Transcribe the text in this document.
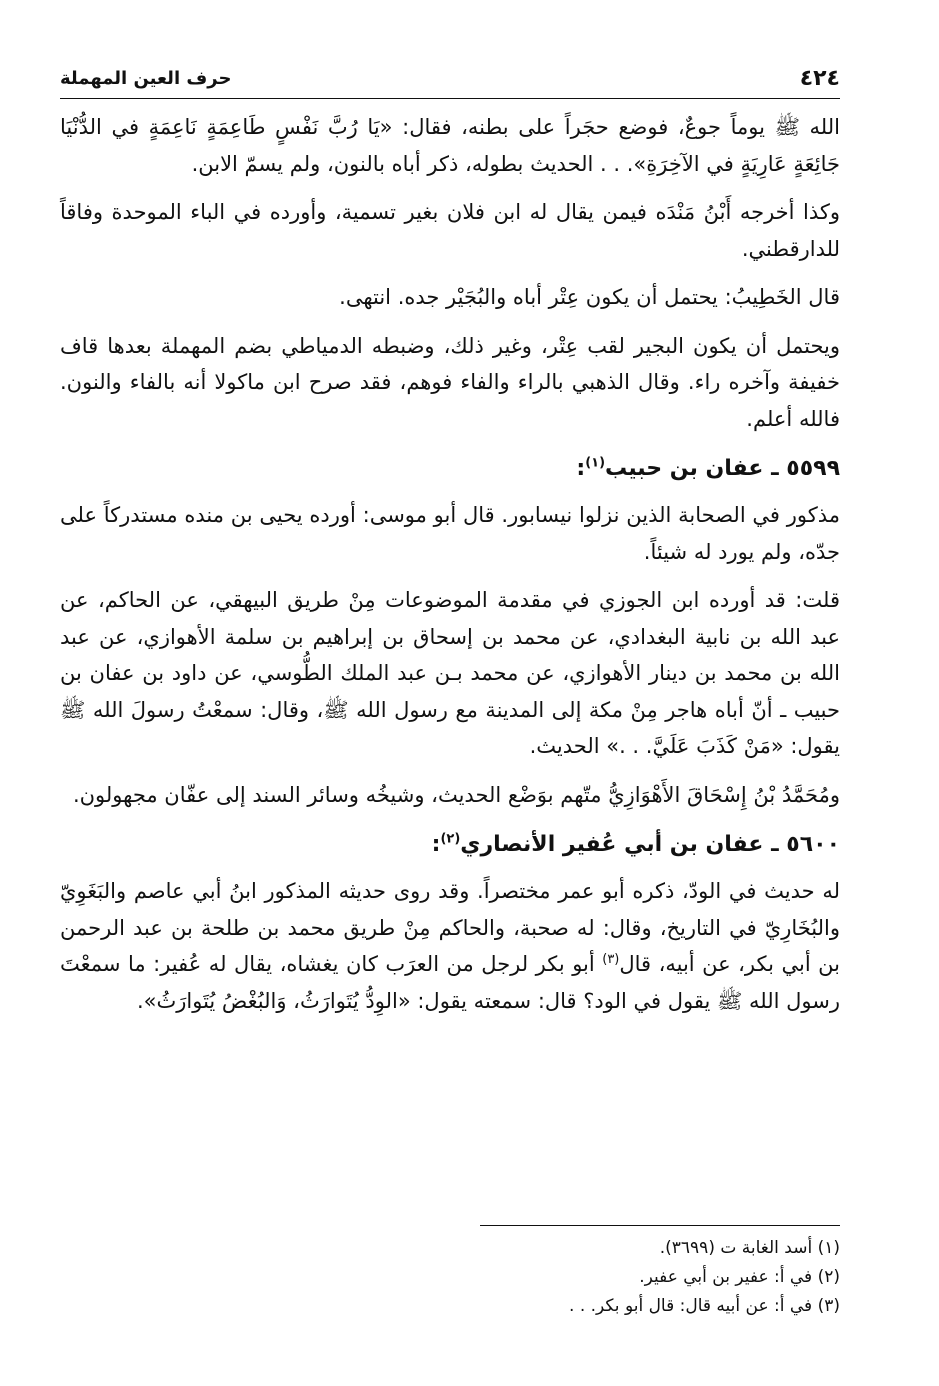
٤٢٤
حرف العين المهملة

الله ﷺ يوماً جوعٌ، فوضع حجَراً على بطنه، فقال: «يَا رُبَّ نَفْسٍ طَاعِمَةٍ نَاعِمَةٍ في الدُّنْيَا جَائِعَةٍ عَارِيَةٍ في الآخِرَةِ». . . الحديث بطوله، ذكر أباه بالنون، ولم يسمّ الابن.

وكذا أخرجه أَبْنُ مَنْدَه فيمن يقال له ابن فلان بغير تسمية، وأورده في الباء الموحدة وفاقاً للدارقطني.

قال الخَطِيبُ: يحتمل أن يكون عِتْر أباه والبُجَيْر جده. انتهى.

ويحتمل أن يكون البجير لقب عِتْر، وغير ذلك، وضبطه الدمياطي بضم المهملة بعدها قاف خفيفة وآخره راء. وقال الذهبي بالراء والفاء فوهم، فقد صرح ابن ماكولا أنه بالفاء والنون. فالله أعلم.

٥٥٩٩ ـ عفان بن حبيب$^{(١)}$:

مذكور في الصحابة الذين نزلوا نيسابور. قال أبو موسى: أورده يحيى بن منده مستدركاً على جدّه، ولم يورد له شيئاً.

قلت: قد أورده ابن الجوزي في مقدمة الموضوعات مِنْ طريق البيهقي، عن الحاكم، عن عبد الله بن نابية البغدادي، عن محمد بن إسحاق بن إبراهيم بن سلمة الأهوازي، عن عبد الله بن محمد بن دينار الأهوازي، عن محمد بـن عبد الملك الطُّوسي، عن داود بن عفان بن حبيب ـ أنّ أباه هاجر مِنْ مكة إلى المدينة مع رسول الله ﷺ، وقال: سمعْتُ رسولَ الله ﷺ يقول: «مَنْ كَذَبَ عَلَيَّ. . .» الحديث.

ومُحَمَّدُ بْنُ إِسْحَاقَ الأَهْوَازِيُّ متّهم بوَضْع الحديث، وشيخُه وسائر السند إلى عفّان مجهولون.

٥٦٠٠ ـ عفان بن أبي عُفير الأنصاري$^{(٢)}$:

له حديث في الودّ، ذكره أبو عمر مختصراً. وقد روى حديثه المذكور ابنُ أبي عاصم والبَغَوِيّ والبُخَارِيّ في التاريخ، وقال: له صحبة، والحاكم مِنْ طريق محمد بن طلحة بن عبد الرحمن بن أبي بكر، عن أبيه، قال$^{(٣)}$ أبو بكر لرجل من العرَب كان يغشاه، يقال له عُفير: ما سمعْتَ رسول الله ﷺ يقول في الود؟ قال: سمعته يقول: «الوِدُّ يُتَوارَثُ، وَالبُغْضُ يُتَوارَثُ».

(١) أسد الغابة ت (٣٦٩٩).

(٢) في أ: عفير بن أبي عفير.

(٣) في أ: عن أبيه قال: قال أبو بكر. . .
